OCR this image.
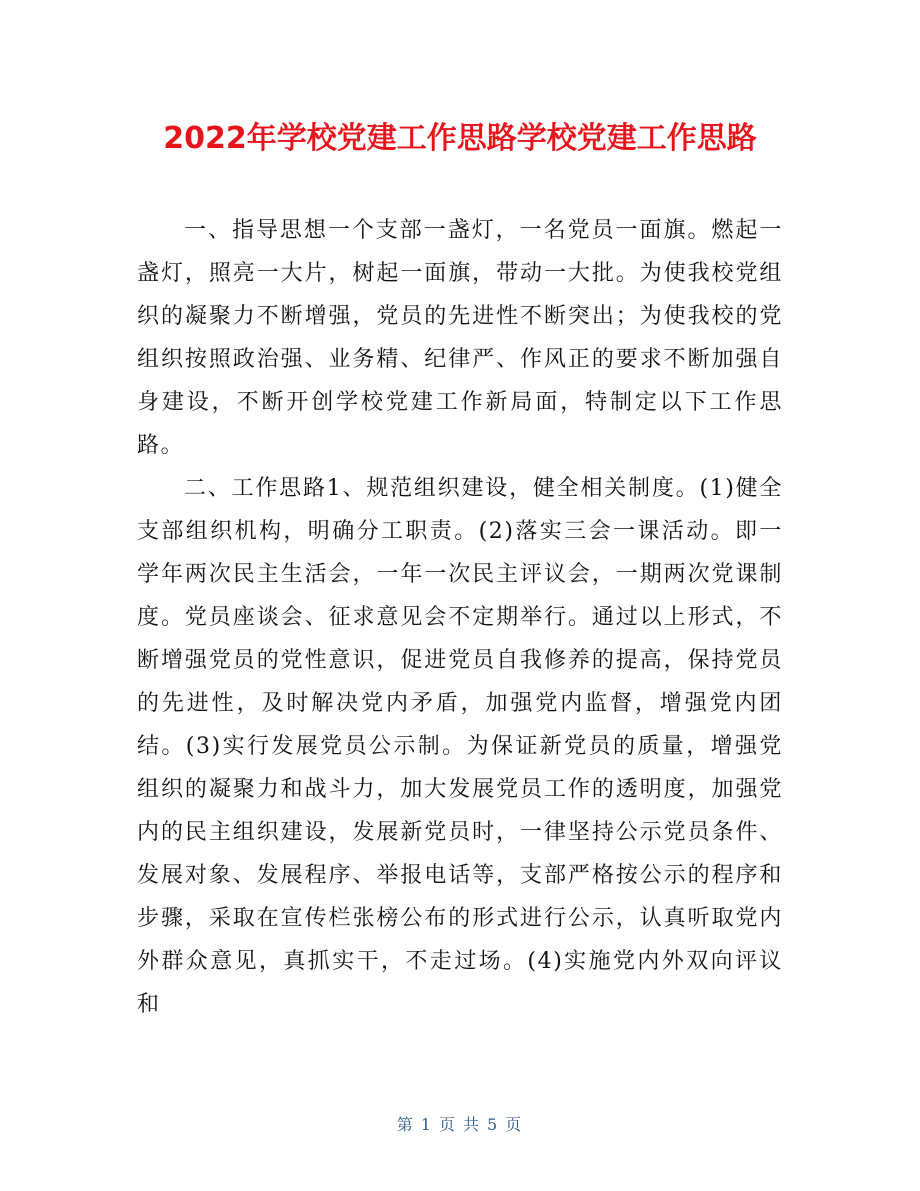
2022年学校党建工作思路学校党建工作思路

一、指导思想一个支部一盏灯，一名党员一面旗。燃起一盏灯，照亮一大片，树起一面旗，带动一大批。为使我校党组织的凝聚力不断增强，党员的先进性不断突出；为使我校的党组织按照政治强、业务精、纪律严、作风正的要求不断加强自身建设，不断开创学校党建工作新局面，特制定以下工作思路。

二、工作思路1、规范组织建设，健全相关制度。(1)健全支部组织机构，明确分工职责。(2)落实三会一课活动。即一学年两次民主生活会，一年一次民主评议会，一期两次党课制度。党员座谈会、征求意见会不定期举行。通过以上形式，不断增强党员的党性意识，促进党员自我修养的提高，保持党员的先进性，及时解决党内矛盾，加强党内监督，增强党内团结。(3)实行发展党员公示制。为保证新党员的质量，增强党组织的凝聚力和战斗力，加大发展党员工作的透明度，加强党内的民主组织建设，发展新党员时，一律坚持公示党员条件、发展对象、发展程序、举报电话等，支部严格按公示的程序和步骤，采取在宣传栏张榜公布的形式进行公示，认真听取党内外群众意见，真抓实干，不走过场。(4)实施党内外双向评议和

第 1 页 共 5 页
